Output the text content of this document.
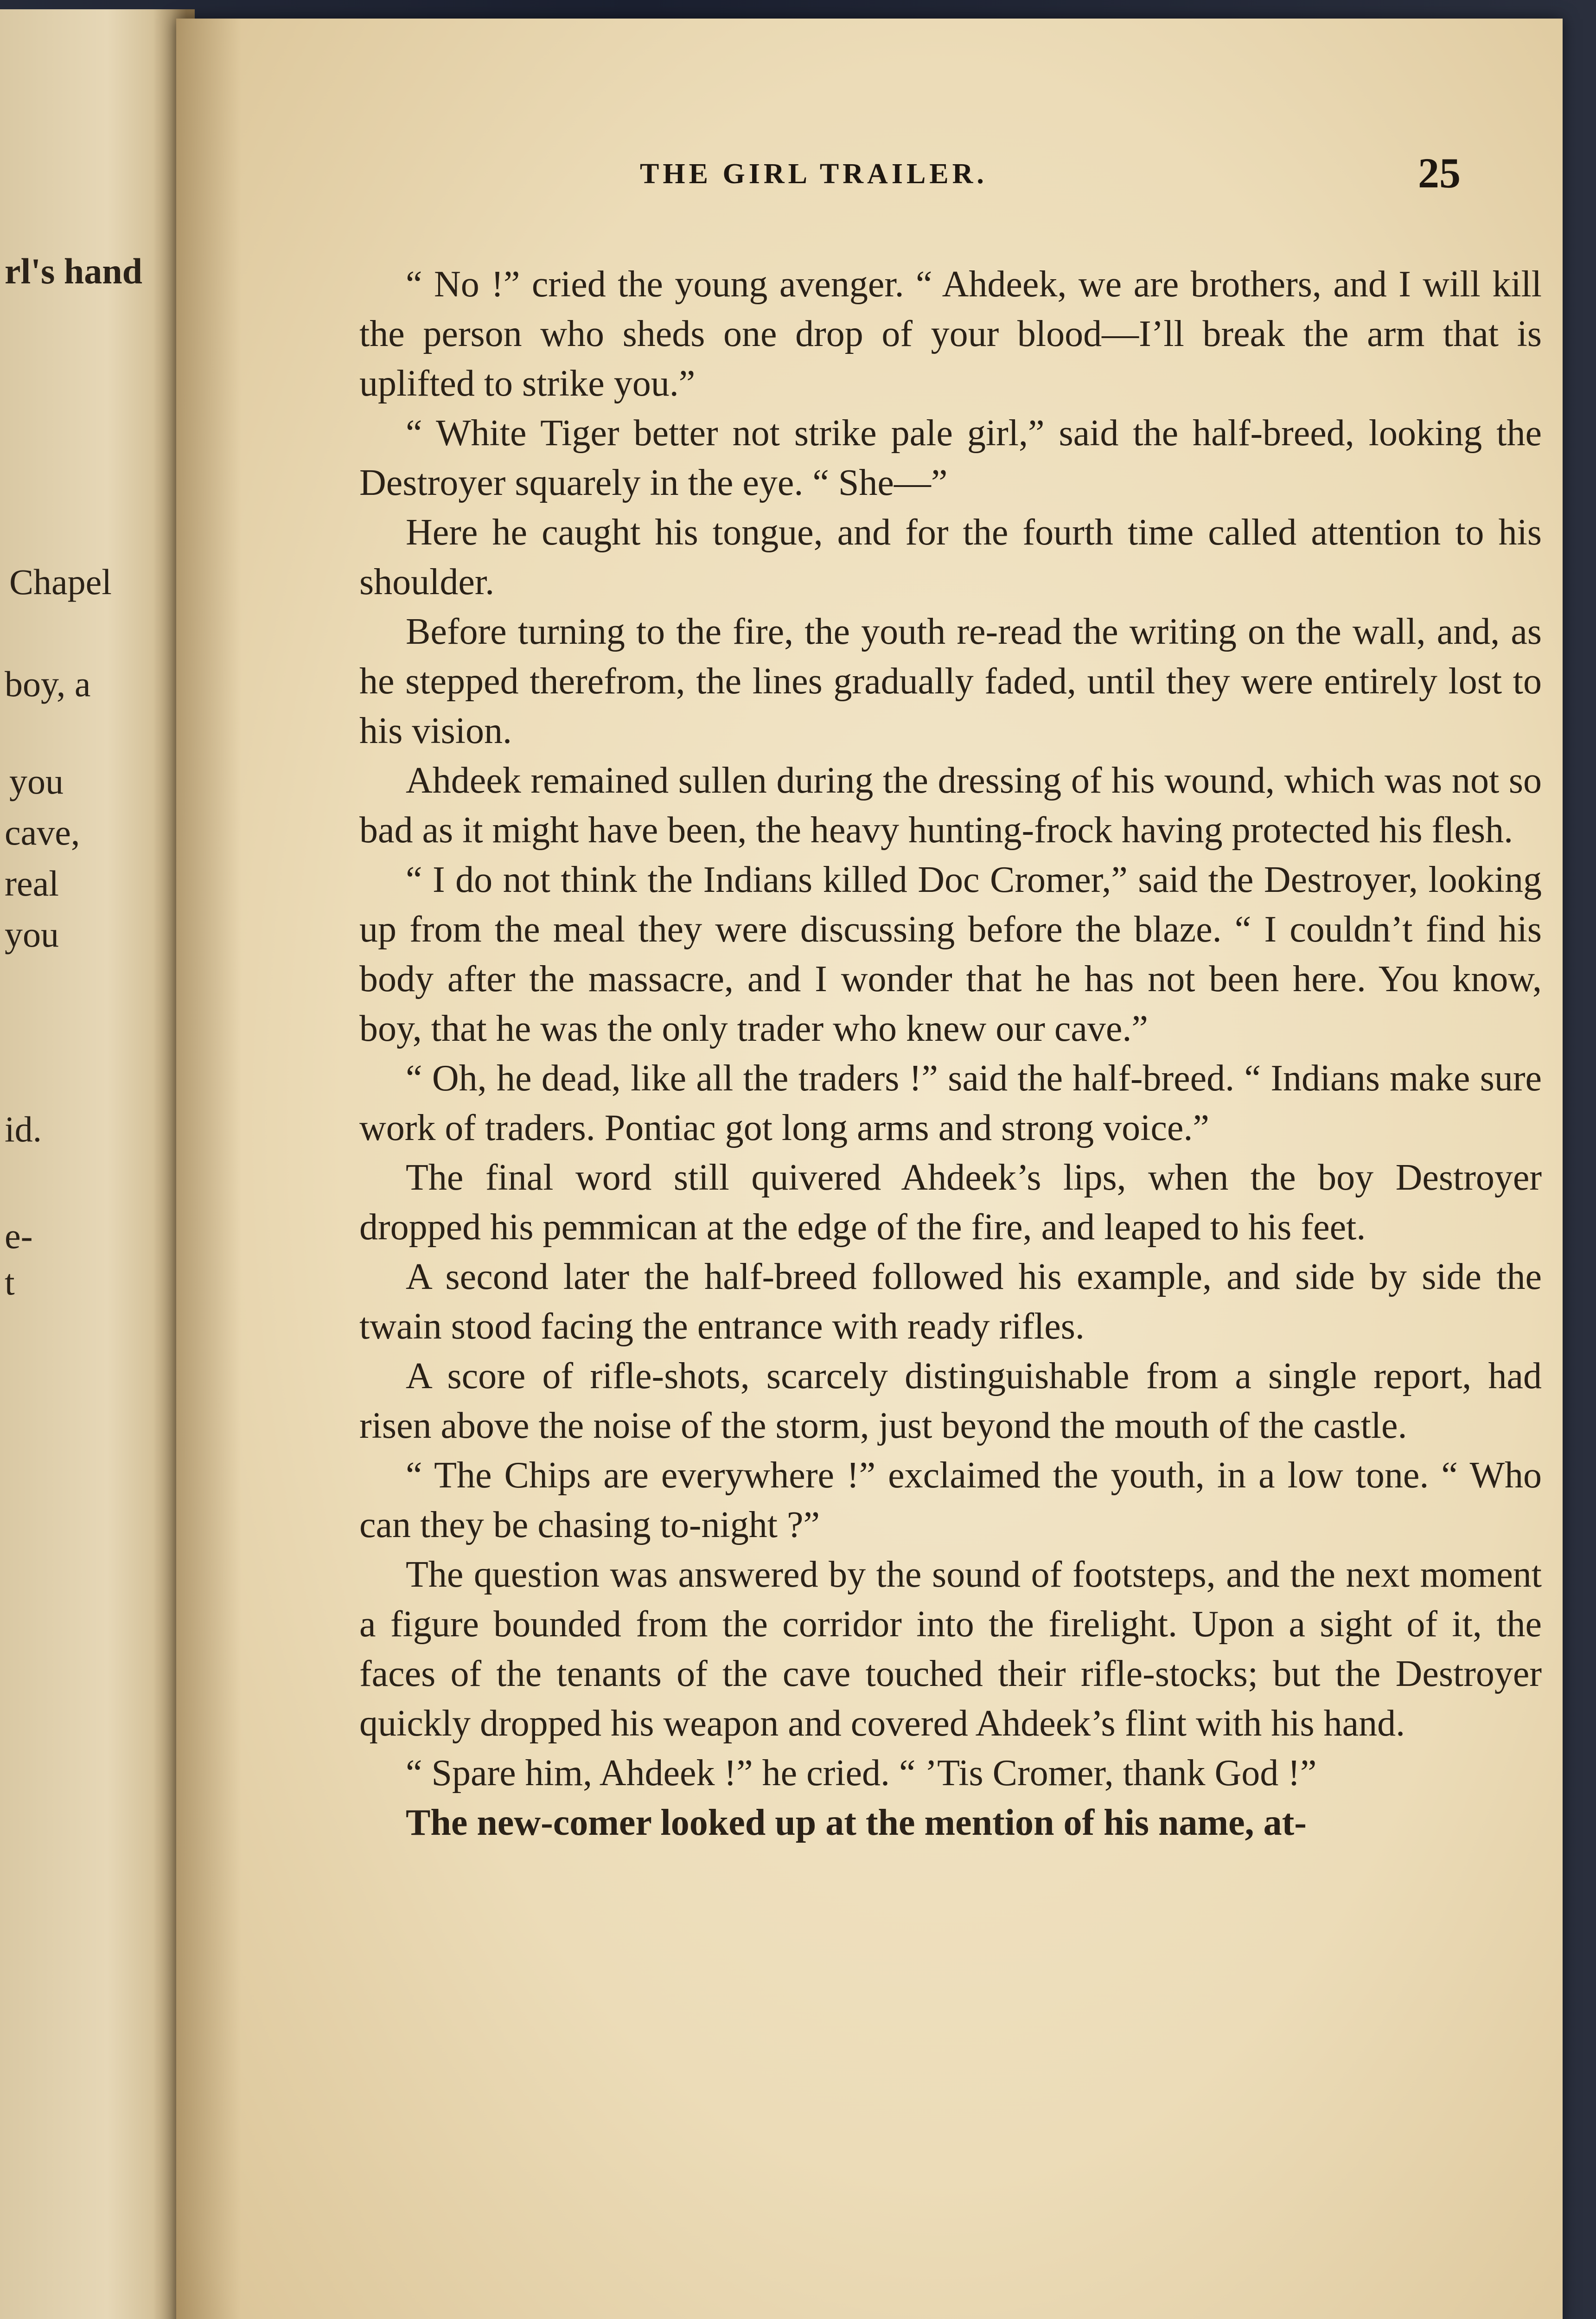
rl's hand
Chapel
boy, a
you
cave,
real
you
id.
e-
t
THE GIRL TRAILER.	25

“ No !” cried the young avenger. “ Ahdeek, we are brothers, and I will kill the person who sheds one drop of your blood—I’ll break the arm that is uplifted to strike you.”

“ White Tiger better not strike pale girl,” said the half-breed, looking the Destroyer squarely in the eye. “ She—”

Here he caught his tongue, and for the fourth time called attention to his shoulder.

Before turning to the fire, the youth re-read the writing on the wall, and, as he stepped therefrom, the lines gradually faded, until they were entirely lost to his vision.

Ahdeek remained sullen during the dressing of his wound, which was not so bad as it might have been, the heavy hunting-frock having protected his flesh.

“ I do not think the Indians killed Doc Cromer,” said the Destroyer, looking up from the meal they were discussing before the blaze. “ I couldn’t find his body after the massacre, and I wonder that he has not been here. You know, boy, that he was the only trader who knew our cave.”

“ Oh, he dead, like all the traders !” said the half-breed. “ Indians make sure work of traders. Pontiac got long arms and strong voice.”

The final word still quivered Ahdeek’s lips, when the boy Destroyer dropped his pemmican at the edge of the fire, and leaped to his feet.

A second later the half-breed followed his example, and side by side the twain stood facing the entrance with ready rifles.

A score of rifle-shots, scarcely distinguishable from a single report, had risen above the noise of the storm, just beyond the mouth of the castle.

“ The Chips are everywhere !” exclaimed the youth, in a low tone. “ Who can they be chasing to-night ?”

The question was answered by the sound of footsteps, and the next moment a figure bounded from the corridor into the firelight. Upon a sight of it, the faces of the tenants of the cave touched their rifle-stocks; but the Destroyer quickly dropped his weapon and covered Ahdeek’s flint with his hand.

“ Spare him, Ahdeek !” he cried. “ ’Tis Cromer, thank God !”

The new-comer looked up at the mention of his name, at-
